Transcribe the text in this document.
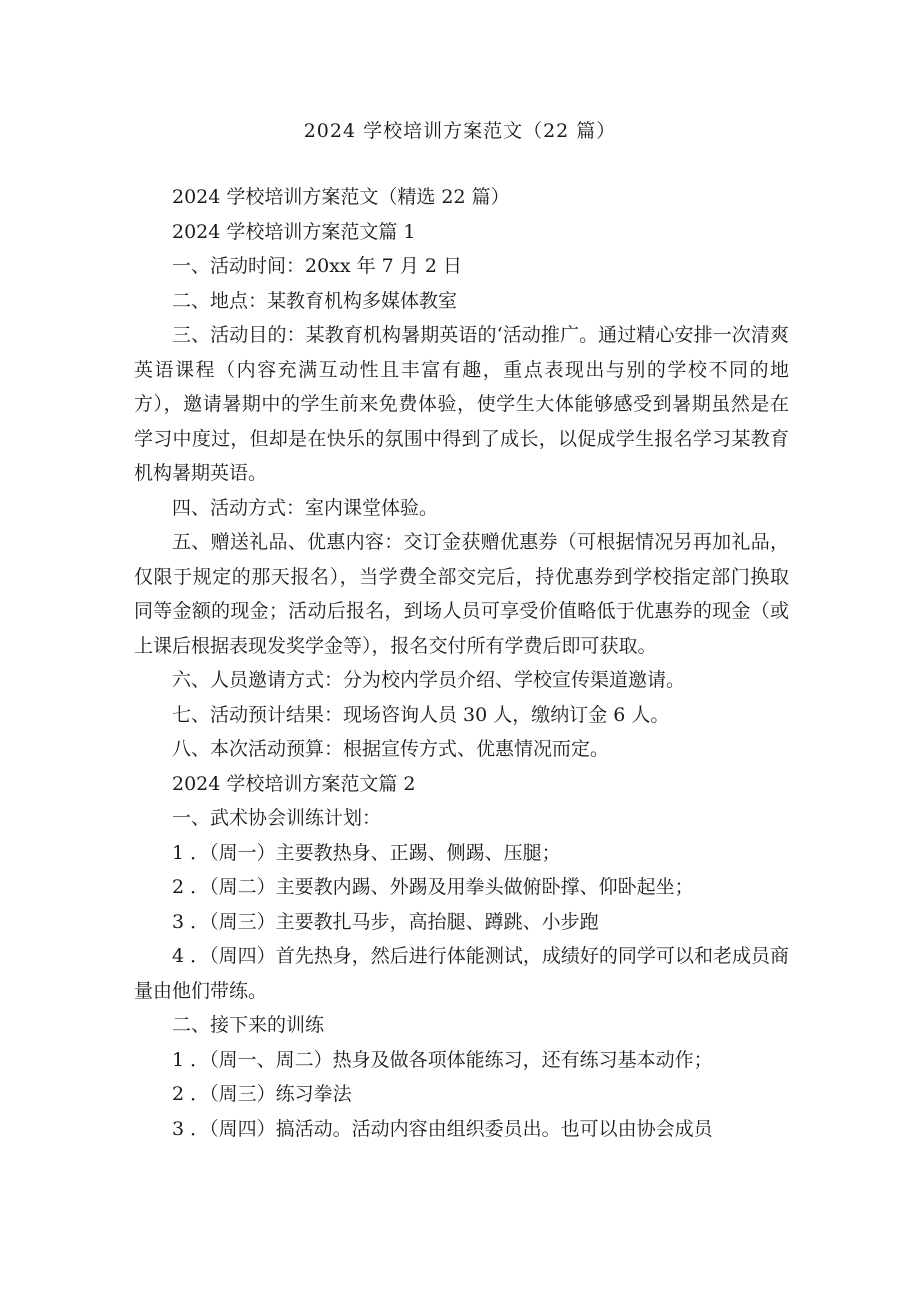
2024 学校培训方案范文（22 篇）

2024 学校培训方案范文（精选 22 篇）

2024 学校培训方案范文篇 1

一、活动时间：20xx 年 7 月 2 日

二、地点：某教育机构多媒体教室

三、活动目的：某教育机构暑期英语的‘活动推广。通过精心安排一次清爽英语课程（内容充满互动性且丰富有趣，重点表现出与别的学校不同的地方），邀请暑期中的学生前来免费体验，使学生大体能够感受到暑期虽然是在学习中度过，但却是在快乐的氛围中得到了成长，以促成学生报名学习某教育机构暑期英语。

四、活动方式：室内课堂体验。

五、赠送礼品、优惠内容：交订金获赠优惠券（可根据情况另再加礼品，仅限于规定的那天报名），当学费全部交完后，持优惠券到学校指定部门换取同等金额的现金；活动后报名，到场人员可享受价值略低于优惠券的现金（或上课后根据表现发奖学金等），报名交付所有学费后即可获取。

六、人员邀请方式：分为校内学员介绍、学校宣传渠道邀请。

七、活动预计结果：现场咨询人员 30 人，缴纳订金 6 人。

八、本次活动预算：根据宣传方式、优惠情况而定。

2024 学校培训方案范文篇 2

一、武术协会训练计划：

1 ．（周一）主要教热身、正踢、侧踢、压腿；

2 ．（周二）主要教内踢、外踢及用拳头做俯卧撑、仰卧起坐；

3 ．（周三）主要教扎马步，高抬腿、蹲跳、小步跑

4 ．（周四）首先热身，然后进行体能测试，成绩好的同学可以和老成员商量由他们带练。

二、接下来的训练

1 ．（周一、周二）热身及做各项体能练习，还有练习基本动作；

2 ．（周三）练习拳法

3 ．（周四）搞活动。活动内容由组织委员出。也可以由协会成员
